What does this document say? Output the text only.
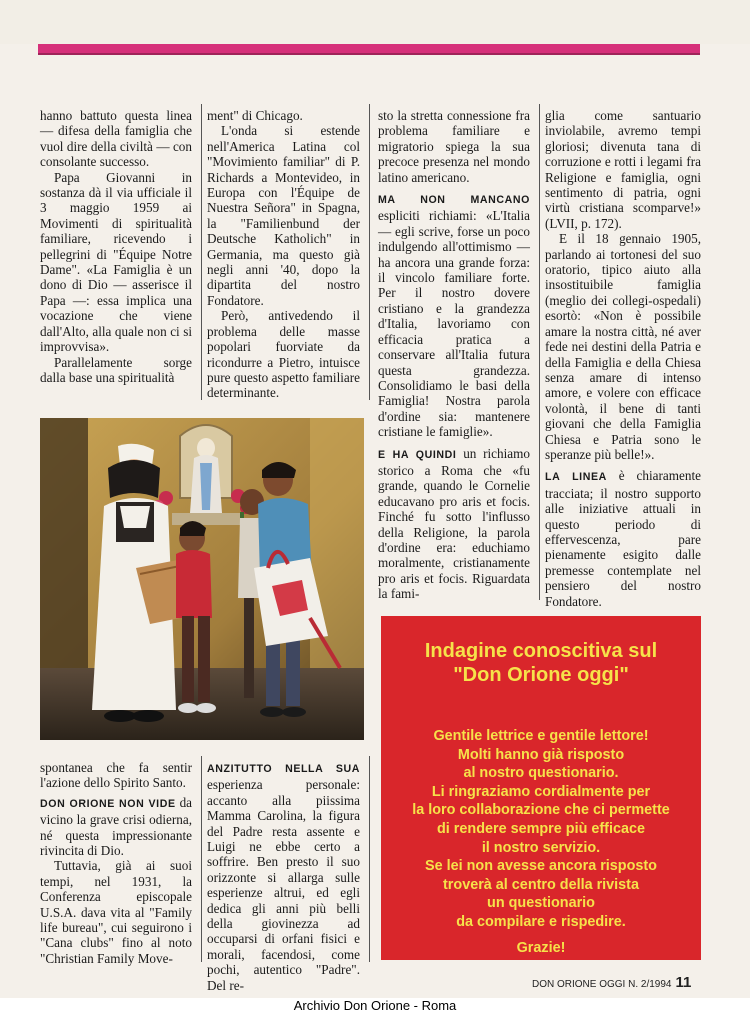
hanno battuto questa linea — difesa della famiglia che vuol dire della civiltà — con consolante successo.

Papa Giovanni in sostanza dà il via ufficiale il 3 maggio 1959 ai Movimenti di spiritualità familiare, ricevendo i pellegrini di "Équipe Notre Dame". «La Famiglia è un dono di Dio — asserisce il Papa —: essa implica una vocazione che viene dall'Alto, alla quale non ci si improvvisa».

Parallelamente sorge dalla base una spiritualità

spontanea che fa sentir l'azione dello Spirito Santo.

DON ORIONE NON VIDE da vicino la grave crisi odierna, né questa impressionante rivincita di Dio.

Tuttavia, già ai suoi tempi, nel 1931, la Conferenza episcopale U.S.A. dava vita al "Family life bureau", cui seguirono i "Cana clubs" fino al noto "Christian Family Move-

ment" di Chicago.

L'onda si estende nell'America Latina col "Movimiento familiar" di P. Richards a Montevideo, in Europa con l'Équipe de Nuestra Señora" in Spagna, la "Familienbund der Deutsche Katholich" in Germania, ma questo già negli anni '40, dopo la dipartita del nostro Fondatore.

Però, antivedendo il problema delle masse popolari fuorviate da ricondurre a Pietro, intuisce pure questo aspetto familiare determinante.

ANZITUTTO NELLA SUA esperienza personale: accanto alla piissima Mamma Carolina, la figura del Padre resta assente e Luigi ne ebbe certo a soffrire. Ben presto il suo orizzonte si allarga sulle esperienze altrui, ed egli dedica gli anni più belli della giovinezza ad occuparsi di orfani fisici e morali, facendosi, come pochi, autentico "Padre". Del re-

sto la stretta connessione fra problema familiare e migratorio spiega la sua precoce presenza nel mondo latino americano.

MA NON MANCANO espliciti richiami: «L'Italia — egli scrive, forse un poco indulgendo all'ottimismo — ha ancora una grande forza: il vincolo familiare forte. Per il nostro dovere cristiano e la grandezza d'Italia, lavoriamo con efficacia pratica a conservare all'Italia futura questa grandezza. Consolidiamo le basi della Famiglia! Nostra parola d'ordine sia: mantenere cristiane le famiglie».

E HA QUINDI un richiamo storico a Roma che «fu grande, quando le Cornelie educavano pro aris et focis. Finché fu sotto l'influsso della Religione, la parola d'ordine era: educhiamo moralmente, cristianamente pro aris et focis. Riguardata la fami-

glia come santuario inviolabile, avremo tempi gloriosi; divenuta tana di corruzione e rotti i legami fra Religione e famiglia, ogni sentimento di patria, ogni virtù cristiana scomparve!» (LVII, p. 172).

E il 18 gennaio 1905, parlando ai tortonesi del suo oratorio, tipico aiuto alla insostituibile famiglia (meglio dei collegi-ospedali) esortò: «Non è possibile amare la nostra città, né aver fede nei destini della Patria e della Famiglia e della Chiesa senza amare di intenso amore, e volere con efficace volontà, il bene di tanti giovani che della Famiglia Chiesa e Patria sono le speranze più belle!».

LA LINEA è chiaramente tracciata; il nostro supporto alle iniziative attuali in questo periodo di effervescenza, pare pienamente esigito dalle premesse contemplate nel pensiero del nostro Fondatore.

Indagine conoscitiva sul
"Don Orione oggi"

Gentile lettrice e gentile lettore!

Molti hanno già risposto

al nostro questionario.

Li ringraziamo cordialmente per

la loro collaborazione che ci permette

di rendere sempre più efficace

il nostro servizio.

Se lei non avesse ancora risposto

troverà al centro della rivista

un questionario

da compilare e rispedire.

Grazie!
DON ORIONE OGGI N. 2/1994 11
Archivio Don Orione - Roma
